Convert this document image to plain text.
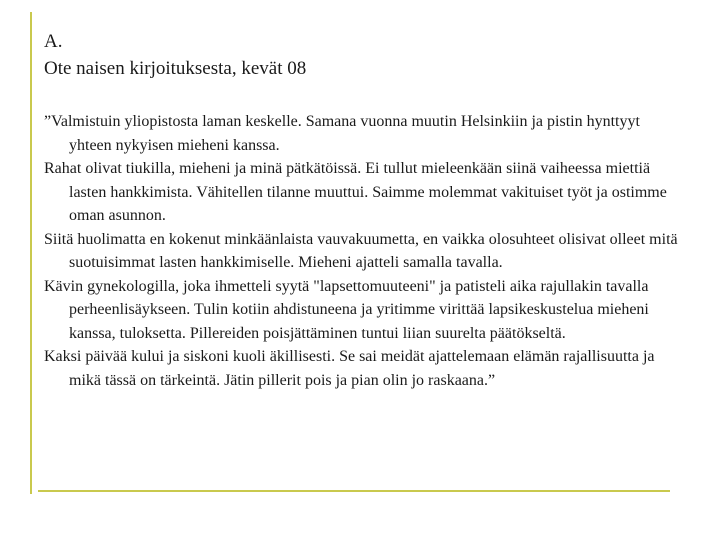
A.
Ote naisen kirjoituksesta, kevät 08

”Valmistuin yliopistosta laman keskelle. Samana vuonna muutin Helsinkiin ja pistin hynttyyt yhteen nykyisen mieheni kanssa.

Rahat olivat tiukilla, mieheni ja minä pätkätöissä. Ei tullut mieleenkään siinä vaiheessa miettiä lasten hankkimista. Vähitellen tilanne muuttui. Saimme molemmat vakituiset työt ja ostimme oman asunnon.

Siitä huolimatta en kokenut minkäänlaista vauvakuumetta, en vaikka olosuhteet olisivat olleet mitä suotuisimmat lasten hankkimiselle. Mieheni ajatteli samalla tavalla.

Kävin gynekologilla, joka ihmetteli syytä "lapsettomuuteeni" ja patisteli aika rajullakin tavalla perheenlisäykseen. Tulin kotiin ahdistuneena ja yritimme virittää lapsikeskustelua mieheni kanssa, tuloksetta. Pillereiden poisjättäminen tuntui liian suurelta päätökseltä.

Kaksi päivää kului ja siskoni kuoli äkillisesti. Se sai meidät ajattelemaan elämän rajallisuutta ja mikä tässä on tärkeintä. Jätin pillerit pois ja pian olin jo raskaana.”
